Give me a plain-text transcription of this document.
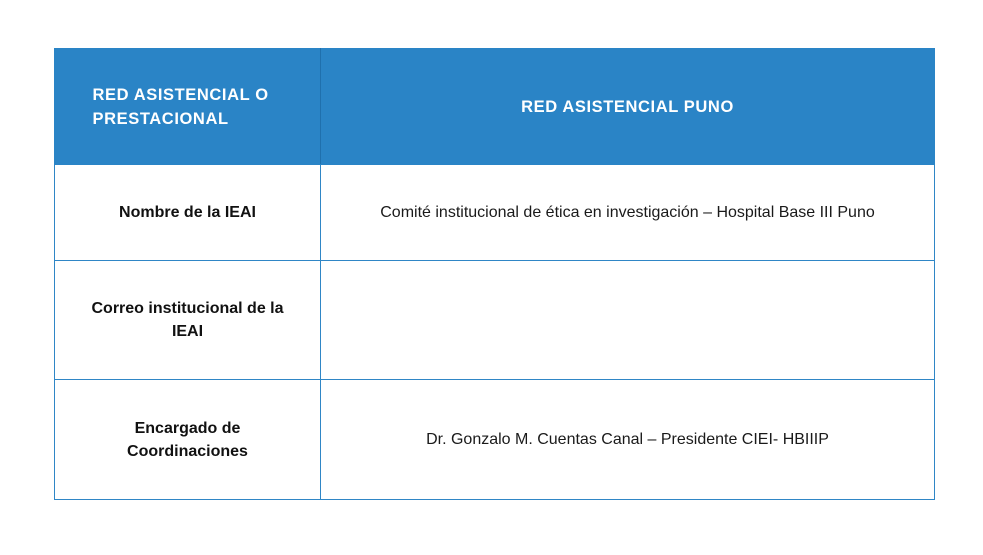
RED ASISTENCIAL O PRESTACIONAL	RED ASISTENCIAL PUNO
Nombre de la IEAI	Comité institucional de ética en investigación – Hospital Base III Puno
Correo institucional de la IEAI	
Encargado de Coordinaciones	Dr. Gonzalo M. Cuentas Canal – Presidente CIEI- HBIIIP
